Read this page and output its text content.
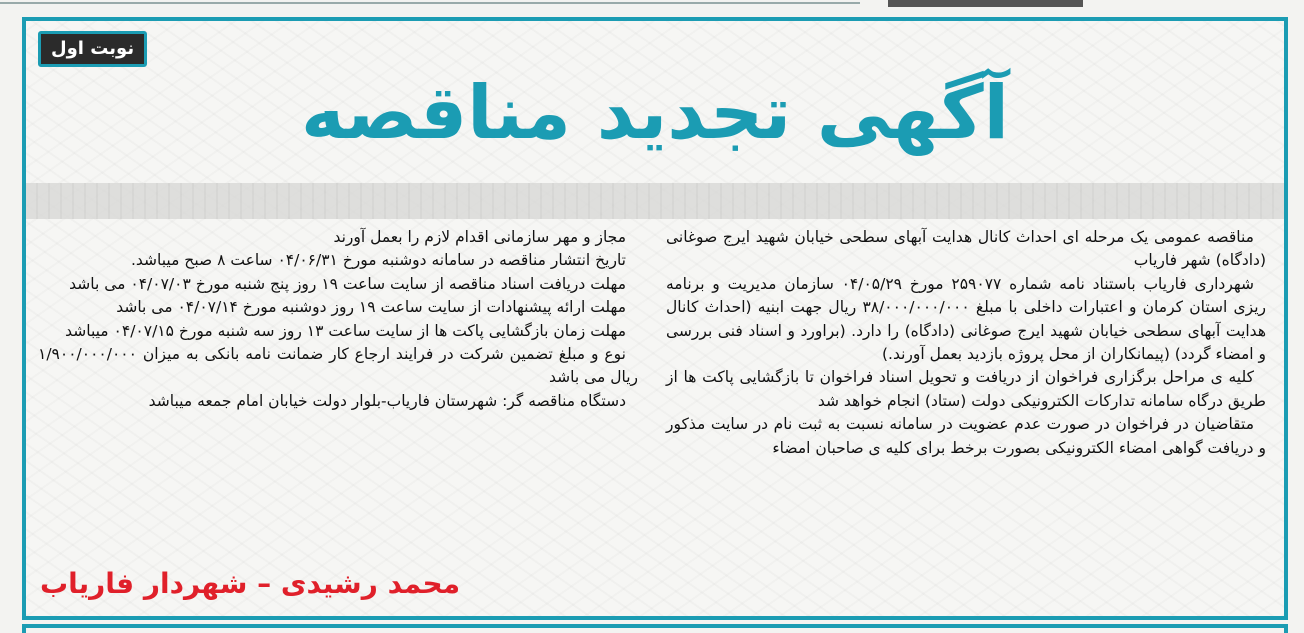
نوبت اول
آگهی تجدید مناقصه

مناقصه عمومی یک مرحله ای احداث کانال هدایت آبهای سطحی خیابان شهید ایرج صوغانی (دادگاه) شهر فاریاب

شهرداری فاریاب باستناد نامه شماره ۲۵۹۰۷۷ مورخ ۰۴/۰۵/۲۹ سازمان مدیریت و برنامه ریزی استان کرمان و اعتبارات داخلی با مبلغ ۳۸/۰۰۰/۰۰۰/۰۰۰ ریال جهت ابنیه (احداث کانال هدایت آبهای سطحی خیابان شهید ایرج صوغانی (دادگاه) را دارد. (براورد و اسناد فنی بررسی و امضاء گردد) (پیمانکاران از محل پروژه بازدید بعمل آورند.)

کلیه ی مراحل برگزاری فراخوان از دریافت و تحویل اسناد فراخوان تا بازگشایی پاکت ها از طریق درگاه سامانه تدارکات الکترونیکی دولت (ستاد) انجام خواهد شد

متقاضیان در فراخوان در صورت عدم عضویت در سامانه نسبت به ثبت نام در سایت مذکور و دریافت گواهی امضاء الکترونیکی بصورت برخط برای کلیه ی صاحبان امضاء

مجاز و مهر سازمانی اقدام لازم را بعمل آورند

تاریخ انتشار مناقصه در سامانه دوشنبه مورخ ۰۴/۰۶/۳۱ ساعت ۸ صبح میباشد.

مهلت دریافت اسناد مناقصه از سایت ساعت ۱۹ روز پنج شنبه مورخ ۰۴/۰۷/۰۳ می باشد

مهلت ارائه پیشنهادات از سایت ساعت ۱۹ روز دوشنبه مورخ ۰۴/۰۷/۱۴ می باشد

مهلت زمان بازگشایی پاکت ها از سایت ساعت ۱۳ روز سه شنبه مورخ ۰۴/۰۷/۱۵ میباشد

نوع و مبلغ تضمین شرکت در فرایند ارجاع کار ضمانت نامه بانکی به میزان ۱/۹۰۰/۰۰۰/۰۰۰ ریال می باشد

دستگاه مناقصه گر: شهرستان فاریاب-بلوار دولت خیابان امام جمعه میباشد

محمد رشیدی – شهردار فاریاب
